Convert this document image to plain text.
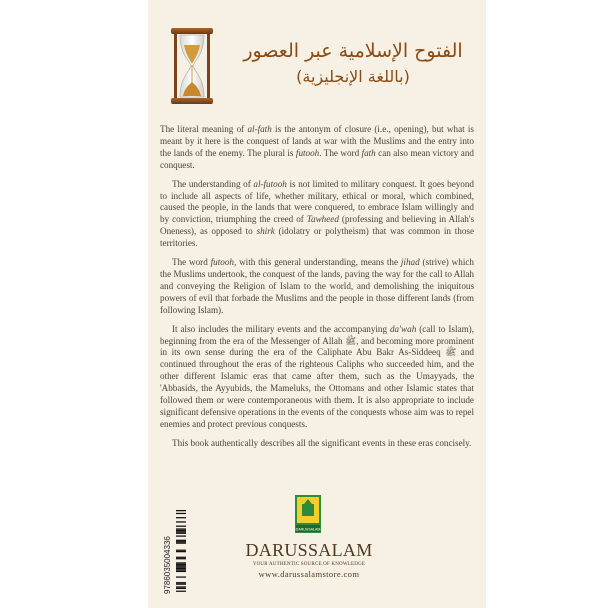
الفتوح الإسلامية عبر العصور
(باللغة الإنجليزية)

The literal meaning of al-fath is the antonym of closure (i.e., opening), but what is meant by it here is the conquest of lands at war with the Muslims and the entry into the lands of the enemy. The plural is futooh. The word fath can also mean victory and conquest.

The understanding of al-futooh is not limited to military conquest. It goes beyond to include all aspects of life, whether military, ethical or moral, which combined, caused the people, in the lands that were conquered, to embrace Islam willingly and by conviction, triumphing the creed of Tawheed (professing and believing in Allah's Oneness), as opposed to shirk (idolatry or polytheism) that was common in those territories.

The word futooh, with this general understanding, means the jihad (strive) which the Muslims undertook, the conquest of the lands, paving the way for the call to Allah and conveying the Religion of Islam to the world, and demolishing the iniquitous powers of evil that forbade the Muslims and the people in those different lands (from following Islam).

It also includes the military events and the accompanying da'wah (call to Islam), beginning from the era of the Messenger of Allah ﷺ, and becoming more prominent in its own sense during the era of the Caliphate Abu Bakr As-Siddeeq ﷺ and continued throughout the eras of the righteous Caliphs who succeeded him, and the other different Islamic eras that came after them, such as the Umayyads, the 'Abbasids, the Ayyubids, the Mameluks, the Ottomans and other Islamic states that followed them or were contemporaneous with them. It is also appropriate to include significant defensive operations in the events of the conquests whose aim was to repel enemies and protect previous conquests.

This book authentically describes all the significant events in these eras concisely.

9786035004336
DARUSSALAM
DARUSSALAM
YOUR AUTHENTIC SOURCE OF KNOWLEDGE
www.darussalamstore.com
